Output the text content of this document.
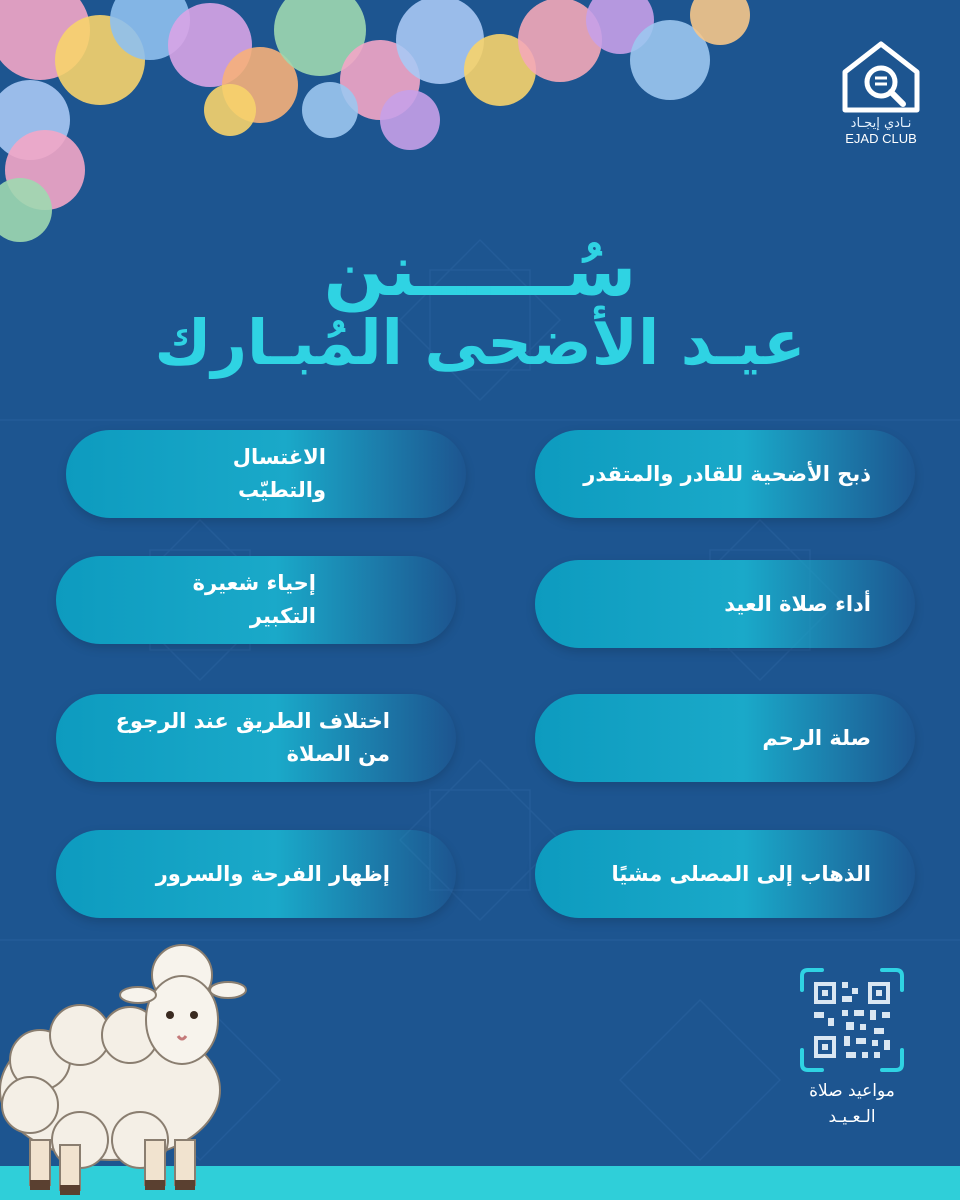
نـادي إيجـاد
EJAD CLUB
سُــــــنن
عيـد الأضحى المُبـارك
ذبح الأضحية للقادر والمتقدر
أداء صلاة العيد
صلة الرحم
الذهاب إلى المصلى مشيًا
الاغتسال
والتطيّب
إحياء شعيرة
التكبير
اختلاف الطريق عند الرجوع
من الصلاة
إظهار الفرحة والسرور
مواعيد صلاة
الـعـيـد
